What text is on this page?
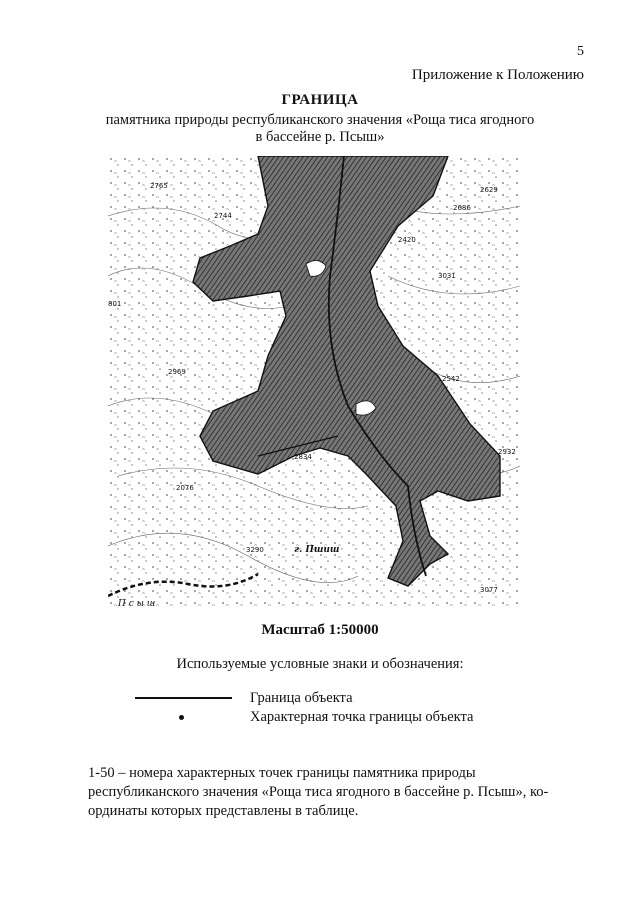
5
Приложение к Положению
ГРАНИЦА
памятника природы республиканского значения «Роща тиса ягодного
в бассейне р. Псыш»
2765
2744
2686
2629
2420
3031
801
2969
2542
2932
2834
2076
3290
3077
г. Пшиш
П с ы ш
Масштаб 1:50000
Используемые условные знаки и обозначения:
Граница объекта
Характерная точка границы объекта
1-50 – номера характерных точек границы памятника природы
республиканского значения «Роща тиса ягодного в бассейне р. Псыш», ко-
ординаты которых представлены в таблице.
